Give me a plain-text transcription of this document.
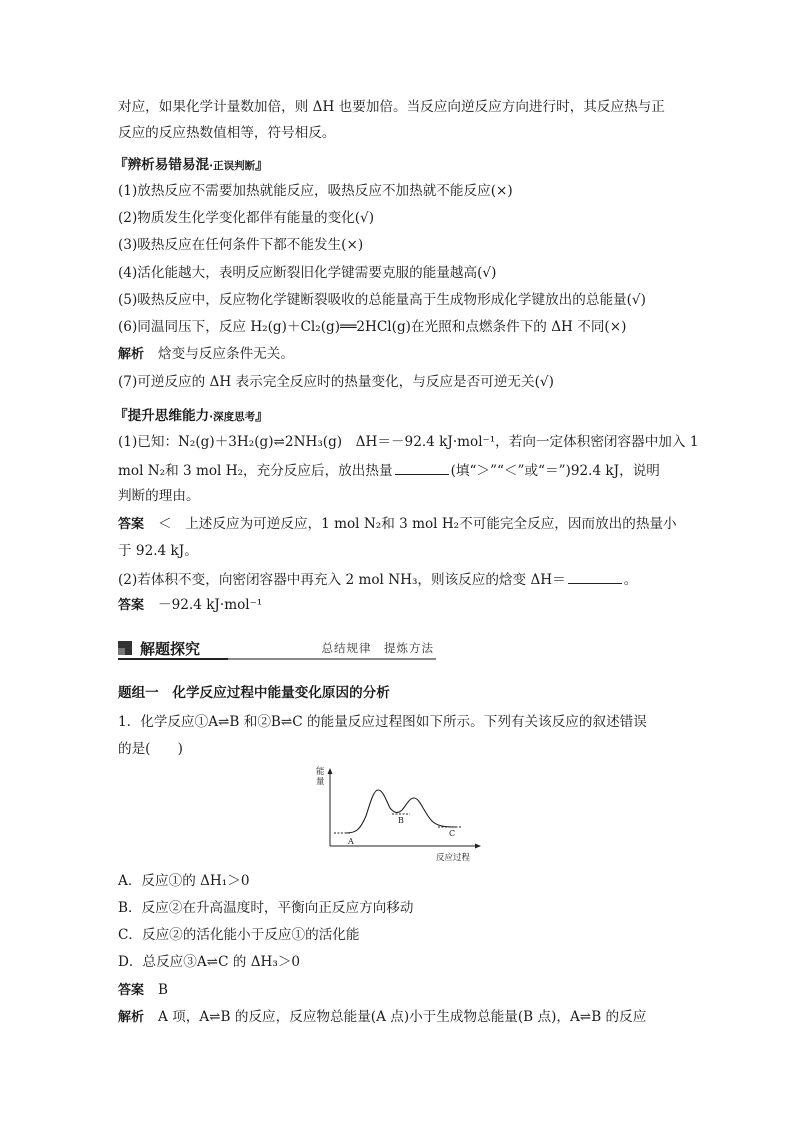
对应，如果化学计量数加倍，则 ΔH 也要加倍。当反应向逆反应方向进行时，其反应热与正
反应的反应热数值相等，符号相反。
『辨析易错易混·正误判断』
(1)放热反应不需要加热就能反应，吸热反应不加热就不能反应(×)
(2)物质发生化学变化都伴有能量的变化(√)
(3)吸热反应在任何条件下都不能发生(×)
(4)活化能越大，表明反应断裂旧化学键需要克服的能量越高(√)
(5)吸热反应中，反应物化学键断裂吸收的总能量高于生成物形成化学键放出的总能量(√)
(6)同温同压下，反应 H₂(g)＋Cl₂(g)══2HCl(g)在光照和点燃条件下的 ΔH 不同(×)
解析 焓变与反应条件无关。
(7)可逆反应的 ΔH 表示完全反应时的热量变化，与反应是否可逆无关(√)
『提升思维能力·深度思考』
(1)已知：N₂(g)＋3H₂(g)⇌2NH₃(g)　ΔH＝－92.4 kJ·mol⁻¹，若向一定体积密闭容器中加入 1
mol N₂和 3 mol H₂，充分反应后，放出热量	(填“＞”“＜”或“＝”)92.4 kJ，说明
判断的理由。
答案 ＜　上述反应为可逆反应，1 mol N₂和 3 mol H₂不可能完全反应，因而放出的热量小
于 92.4 kJ。
(2)若体积不变，向密闭容器中再充入 2 mol NH₃，则该反应的焓变 ΔH＝	。
答案 －92.4 kJ·mol⁻¹
解题探究	总结规律　提炼方法
题组一　 化学反应过程中能量变化原因的分析
1．化学反应①A⇌B 和②B⇌C 的能量反应过程图如下所示。下列有关该反应的叙述错误
的是(　　)
能
量
A
B
C
反应过程
A．反应①的 ΔH₁＞0
B．反应②在升高温度时，平衡向正反应方向移动
C．反应②的活化能小于反应①的活化能
D．总反应③A⇌C 的 ΔH₃＞0
答案 B
解析 A 项，A⇌B 的反应，反应物总能量(A 点)小于生成物总能量(B 点)，A⇌B 的反应
